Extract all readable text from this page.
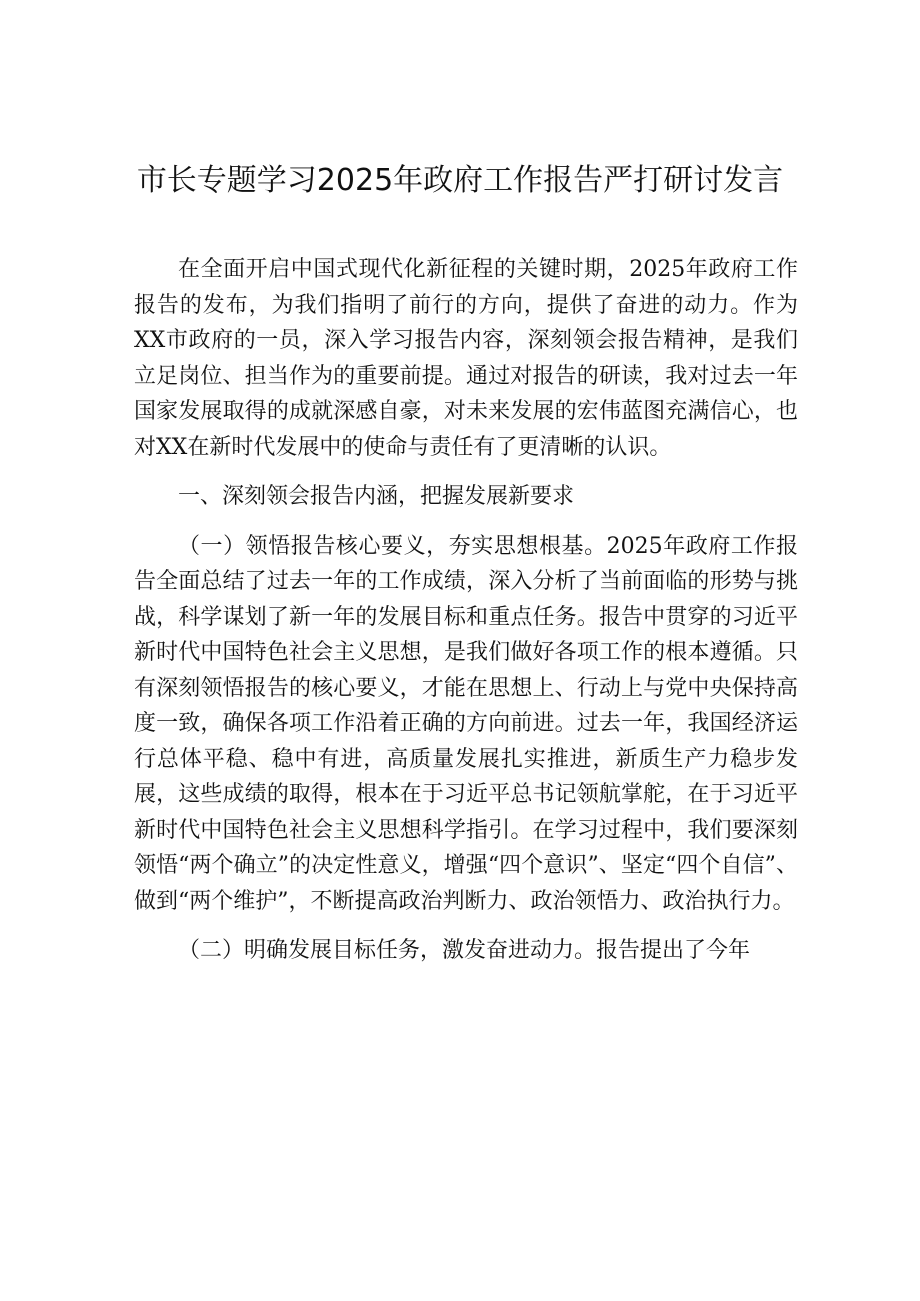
市长专题学习2025年政府工作报告严打研讨发言

在全面开启中国式现代化新征程的关键时期，2025年政府工作报告的发布，为我们指明了前行的方向，提供了奋进的动力。作为XX市政府的一员，深入学习报告内容，深刻领会报告精神，是我们立足岗位、担当作为的重要前提。通过对报告的研读，我对过去一年国家发展取得的成就深感自豪，对未来发展的宏伟蓝图充满信心，也对XX在新时代发展中的使命与责任有了更清晰的认识。

一、深刻领会报告内涵，把握发展新要求

（一）领悟报告核心要义，夯实思想根基。2025年政府工作报告全面总结了过去一年的工作成绩，深入分析了当前面临的形势与挑战，科学谋划了新一年的发展目标和重点任务。报告中贯穿的习近平新时代中国特色社会主义思想，是我们做好各项工作的根本遵循。只有深刻领悟报告的核心要义，才能在思想上、行动上与党中央保持高度一致，确保各项工作沿着正确的方向前进。过去一年，我国经济运行总体平稳、稳中有进，高质量发展扎实推进，新质生产力稳步发展，这些成绩的取得，根本在于习近平总书记领航掌舵，在于习近平新时代中国特色社会主义思想科学指引。在学习过程中，我们要深刻领悟“两个确立”的决定性意义，增强“四个意识”、坚定“四个自信”、做到“两个维护”，不断提高政治判断力、政治领悟力、政治执行力。

（二）明确发展目标任务，激发奋进动力。报告提出了今年
